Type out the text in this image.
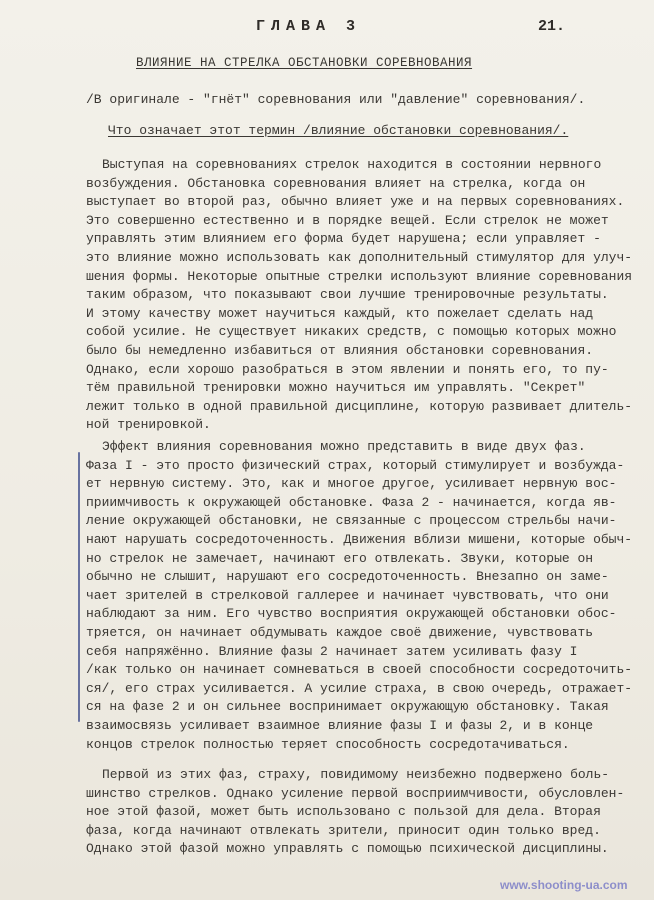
ГЛАВА 3	21.
ВЛИЯНИЕ НА СТРЕЛКА ОБСТАНОВКИ СОРЕВНОВАНИЯ
/В оригинале - "гнёт" соревнования или "давление" соревнования/.
Что означает этот термин /влияние обстановки соревнования/.
Выступая на соревнованиях стрелок находится в состоянии нервного
возбуждения. Обстановка соревнования влияет на стрелка, когда он
выступает во второй раз, обычно влияет уже и на первых соревнованиях.
Это совершенно естественно и в порядке вещей. Если стрелок не может
управлять этим влиянием его форма будет нарушена; если управляет -
это влияние можно использовать как дополнительный стимулятор для улуч-
шения формы. Некоторые опытные стрелки используют влияние соревнования
таким образом, что показывают свои лучшие тренировочные результаты.
И этому качеству может научиться каждый, кто пожелает сделать над
собой усилие. Не существует никаких средств, с помощью которых можно
было бы немедленно избавиться от влияния обстановки соревнования.
Однако, если хорошо разобраться в этом явлении и понять его, то пу-
тём правильной тренировки можно научиться им управлять. "Секрет"
лежит только в одной правильной дисциплине, которую развивает длитель-
ной тренировкой.
Эффект влияния соревнования можно представить в виде двух фаз.
Фаза I - это просто физический страх, который стимулирует и возбужда-
ет нервную систему. Это, как и многое другое, усиливает нервную вос-
приимчивость к окружающей обстановке. Фаза 2 - начинается, когда яв-
ление окружающей обстановки, не связанные с процессом стрельбы начи-
нают нарушать сосредоточенность. Движения вблизи мишени, которые обыч-
но стрелок не замечает, начинают его отвлекать. Звуки, которые он
обычно не слышит, нарушают его сосредоточенность. Внезапно он заме-
чает зрителей в стрелковой галлерее и начинает чувствовать, что они
наблюдают за ним. Его чувство восприятия окружающей обстановки обос-
тряется, он начинает обдумывать каждое своё движение, чувствовать
себя напряжённо. Влияние фазы 2 начинает затем усиливать фазу I
/как только он начинает сомневаться в своей способности сосредоточить-
ся/, его страх усиливается. А усилие страха, в свою очередь, отражает-
ся на фазе 2 и он сильнее воспринимает окружающую обстановку. Такая
взаимосвязь усиливает взаимное влияние фазы I и фазы 2, и в конце
концов стрелок полностью теряет способность сосредотачиваться.
Первой из этих фаз, страху, повидимому неизбежно подвержено боль-
шинство стрелков. Однако усиление первой восприимчивости, обусловлен-
ное этой фазой, может быть использовано с пользой для дела. Вторая
фаза, когда начинают отвлекать зрители, приносит один только вред.
Однако этой фазой можно управлять с помощью психической дисциплины.
www.shooting-ua.com
